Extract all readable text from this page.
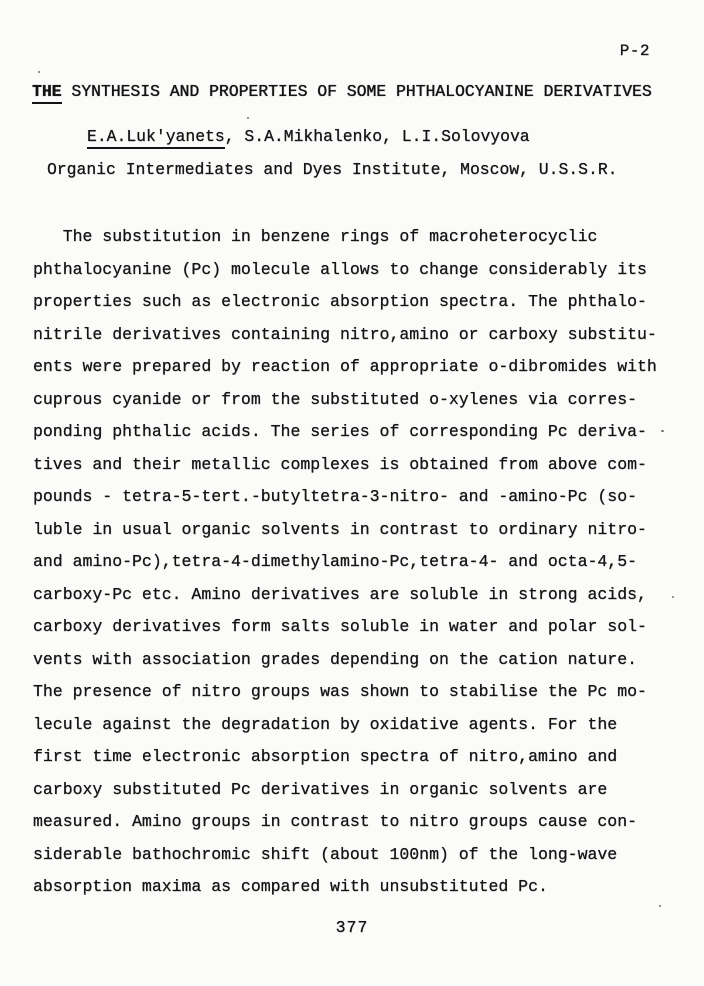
P-2
THE SYNTHESIS AND PROPERTIES OF SOME PHTHALOCYANINE DERIVATIVES
E.A.Luk'yanets, S.A.Mikhalenko, L.I.Solovyova
Organic Intermediates and Dyes Institute, Moscow, U.S.S.R.
The substitution in benzene rings of macroheterocyclic
phthalocyanine (Pc) molecule allows to change considerably its
properties such as electronic absorption spectra. The phthalo-
nitrile derivatives containing nitro,amino or carboxy substitu-
ents were prepared by reaction of appropriate o-dibromides with
cuprous cyanide or from the substituted o-xylenes via corres-
ponding phthalic acids. The series of corresponding Pc deriva-
tives and their metallic complexes is obtained from above com-
pounds - tetra-5-tert.-butyltetra-3-nitro- and -amino-Pc (so-
luble in usual organic solvents in contrast to ordinary nitro-
and amino-Pc),tetra-4-dimethylamino-Pc,tetra-4- and octa-4,5-
carboxy-Pc etc. Amino derivatives are soluble in strong acids,
carboxy derivatives form salts soluble in water and polar sol-
vents with association grades depending on the cation nature.
The presence of nitro groups was shown to stabilise the Pc mo-
lecule against the degradation by oxidative agents. For the
first time electronic absorption spectra of nitro,amino and
carboxy substituted Pc derivatives in organic solvents are
measured. Amino groups in contrast to nitro groups cause con-
siderable bathochromic shift (about 100nm) of the long-wave
absorption maxima as compared with unsubstituted Pc.
377
